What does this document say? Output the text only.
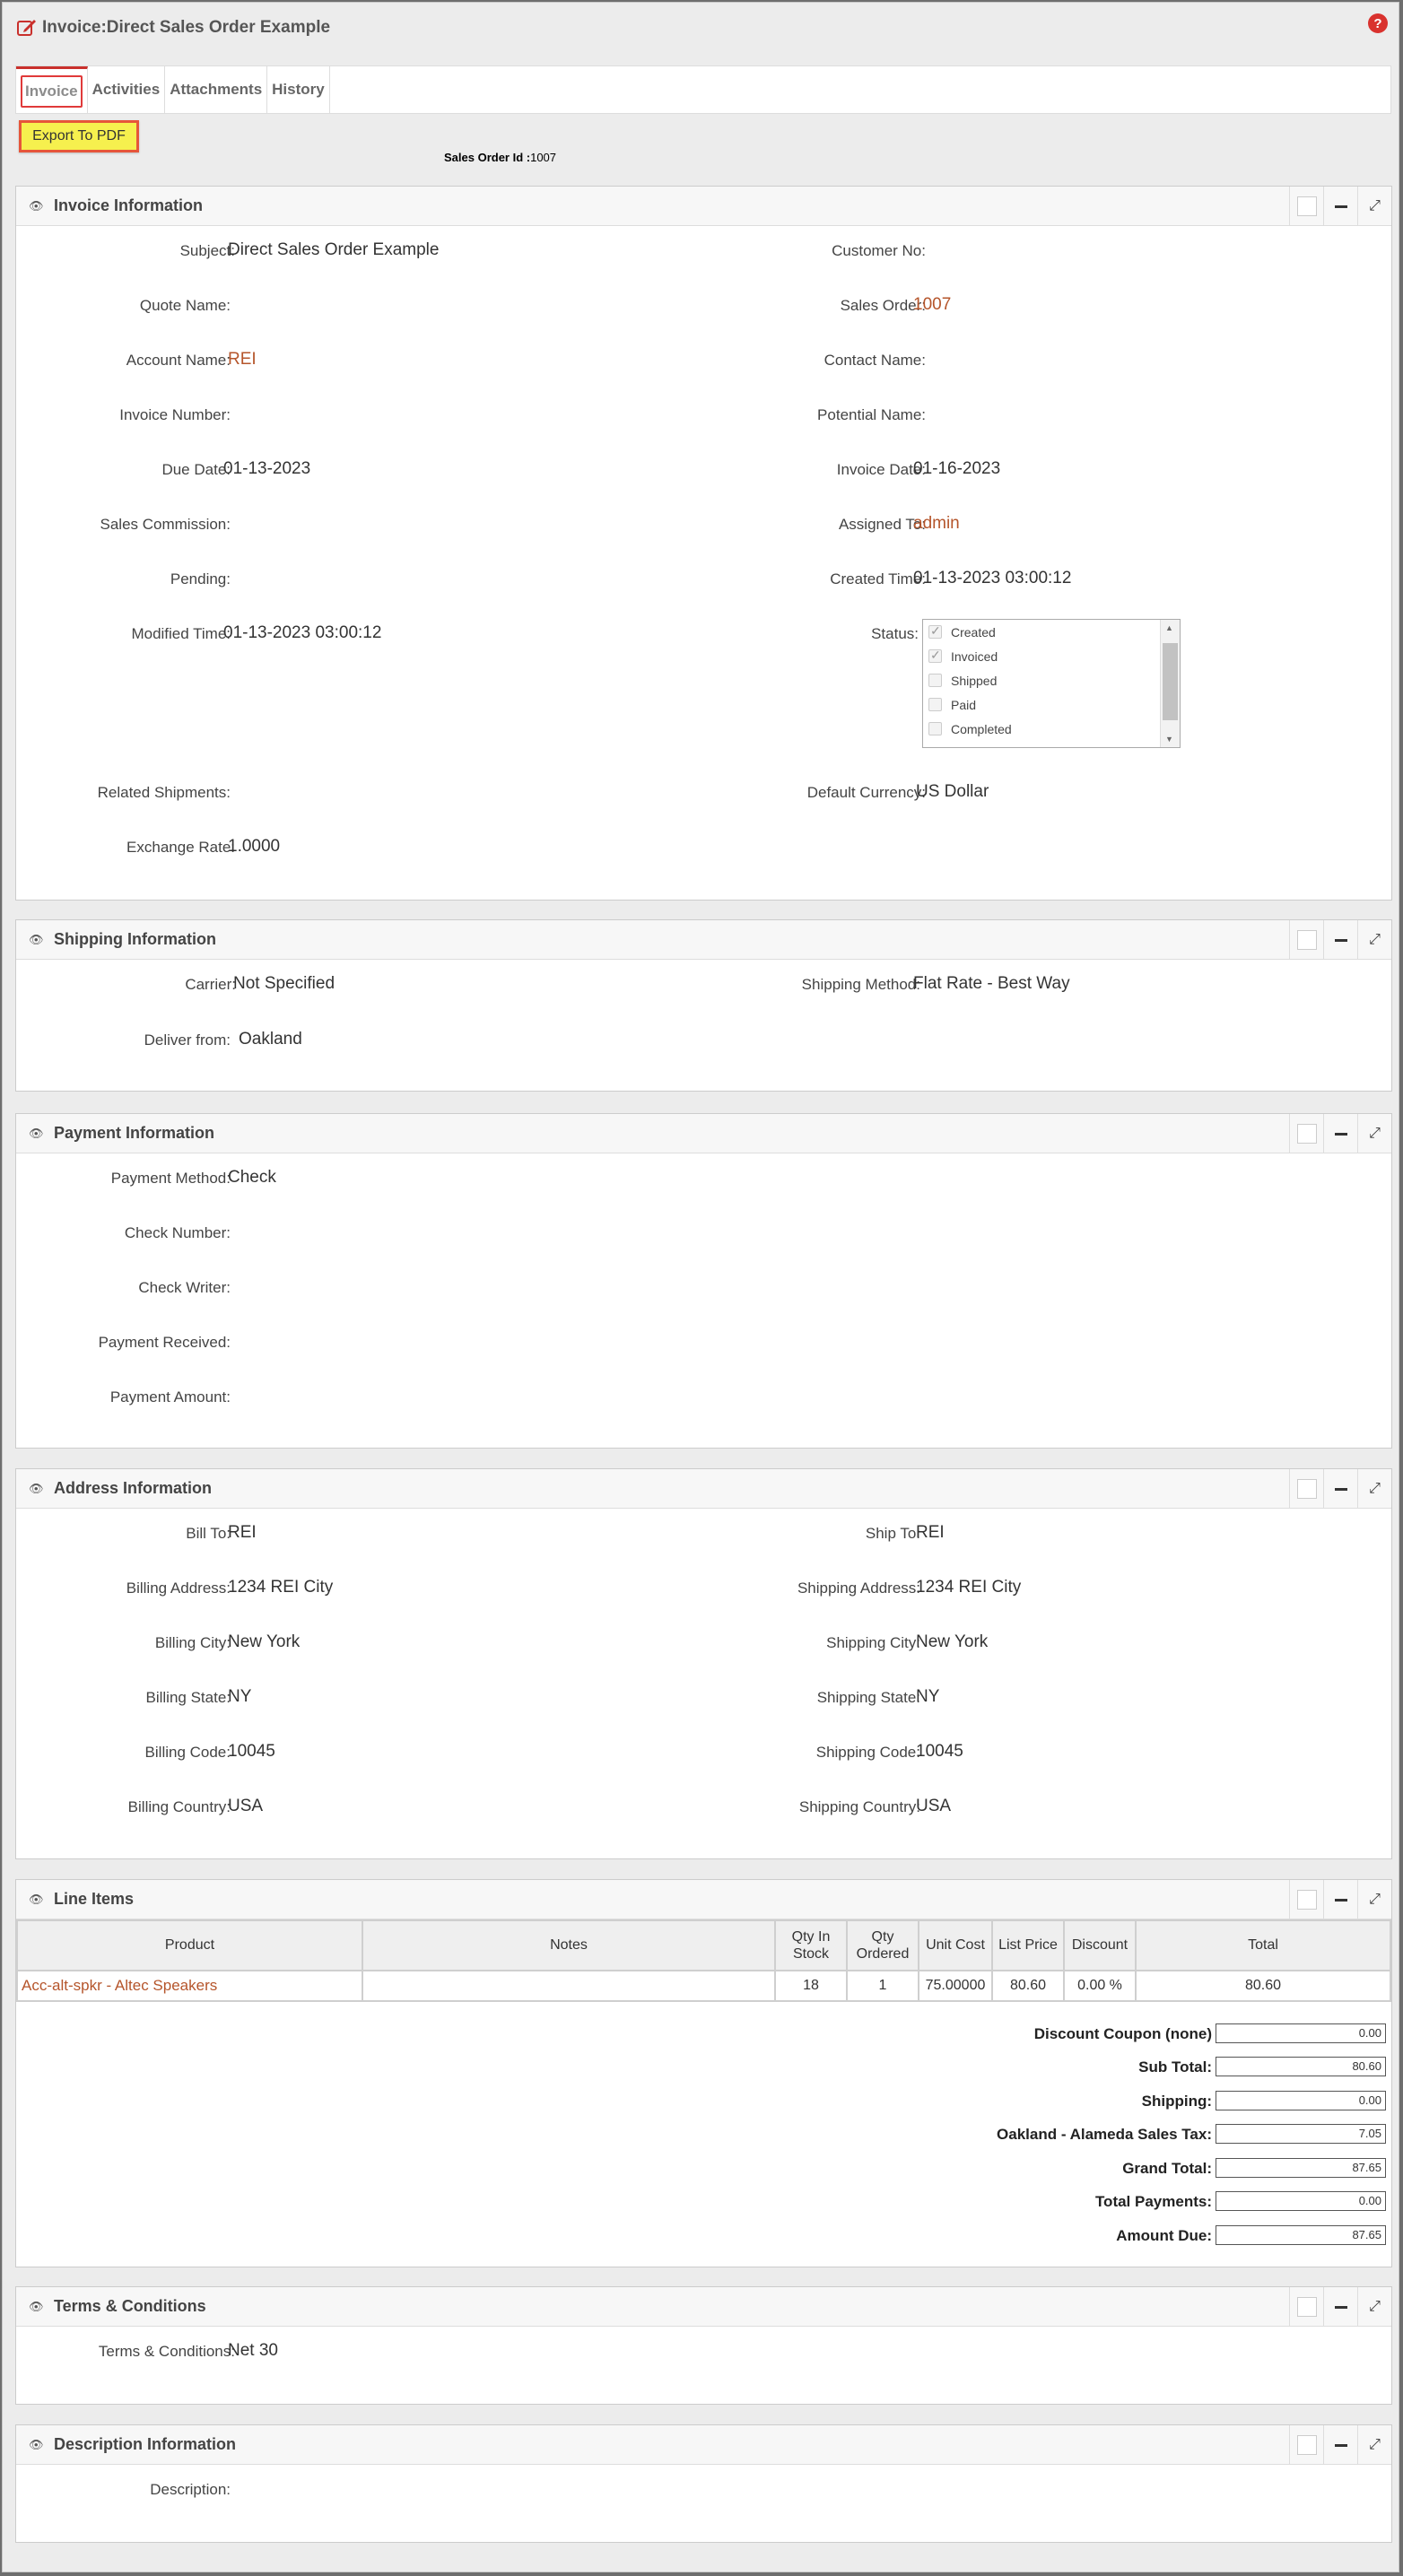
Invoice:Direct Sales Order Example	?
Invoice Activities Attachments History
Export To PDF
Sales Order Id :1007
👁 Invoice Information	⤢
Subject:
Direct Sales Order Example	Customer No:
Quote Name:	Sales Order:
1007
Account Name:
REI	Contact Name:
Invoice Number:	Potential Name:
Due Date:
01-13-2023	Invoice Date:
01-16-2023
Sales Commission:	Assigned To:
admin
Pending:	Created Time:
01-13-2023 03:00:12
Modified Time:
01-13-2023 03:00:12	Status: ✓	Created
✓
Invoiced
Shipped
Paid
Completed
▲
▼
Related Shipments:	Default Currency:
US Dollar
Exchange Rate:
1.0000
👁 Shipping Information	⤢
Carrier:
Not Specified	Shipping Method:
Flat Rate - Best Way
Deliver from: Oakland
👁 Payment Information	⤢
Payment Method:
Check
Check Number:
Check Writer:
Payment Received:
Payment Amount:
👁 Address Information	⤢
Bill To:
REI	Ship To:
REI
Billing Address:
1234 REI City	Shipping Address:
1234 REI City
Billing City:
New York	Shipping City:
New York
Billing State:
NY	Shipping State:
NY
Billing Code:
10045	Shipping Code:
10045
Billing Country:
USA	Shipping Country:
USA
👁 Line Items	⤢
Product	Notes	Qty In Stock	Qty Ordered	Unit Cost	List Price	Discount	Total
Acc-alt-spkr - Altec Speakers		18	1	75.00000	80.60	0.00 %	80.60
Discount Coupon (none)	0.00
Sub Total:	80.60
Shipping:	0.00
Oakland - Alameda Sales Tax:	7.05
Grand Total:	87.65
Total Payments:	0.00
Amount Due:	87.65
👁 Terms & Conditions	⤢
Terms & Conditions:
Net 30
👁 Description Information	⤢
Description:
